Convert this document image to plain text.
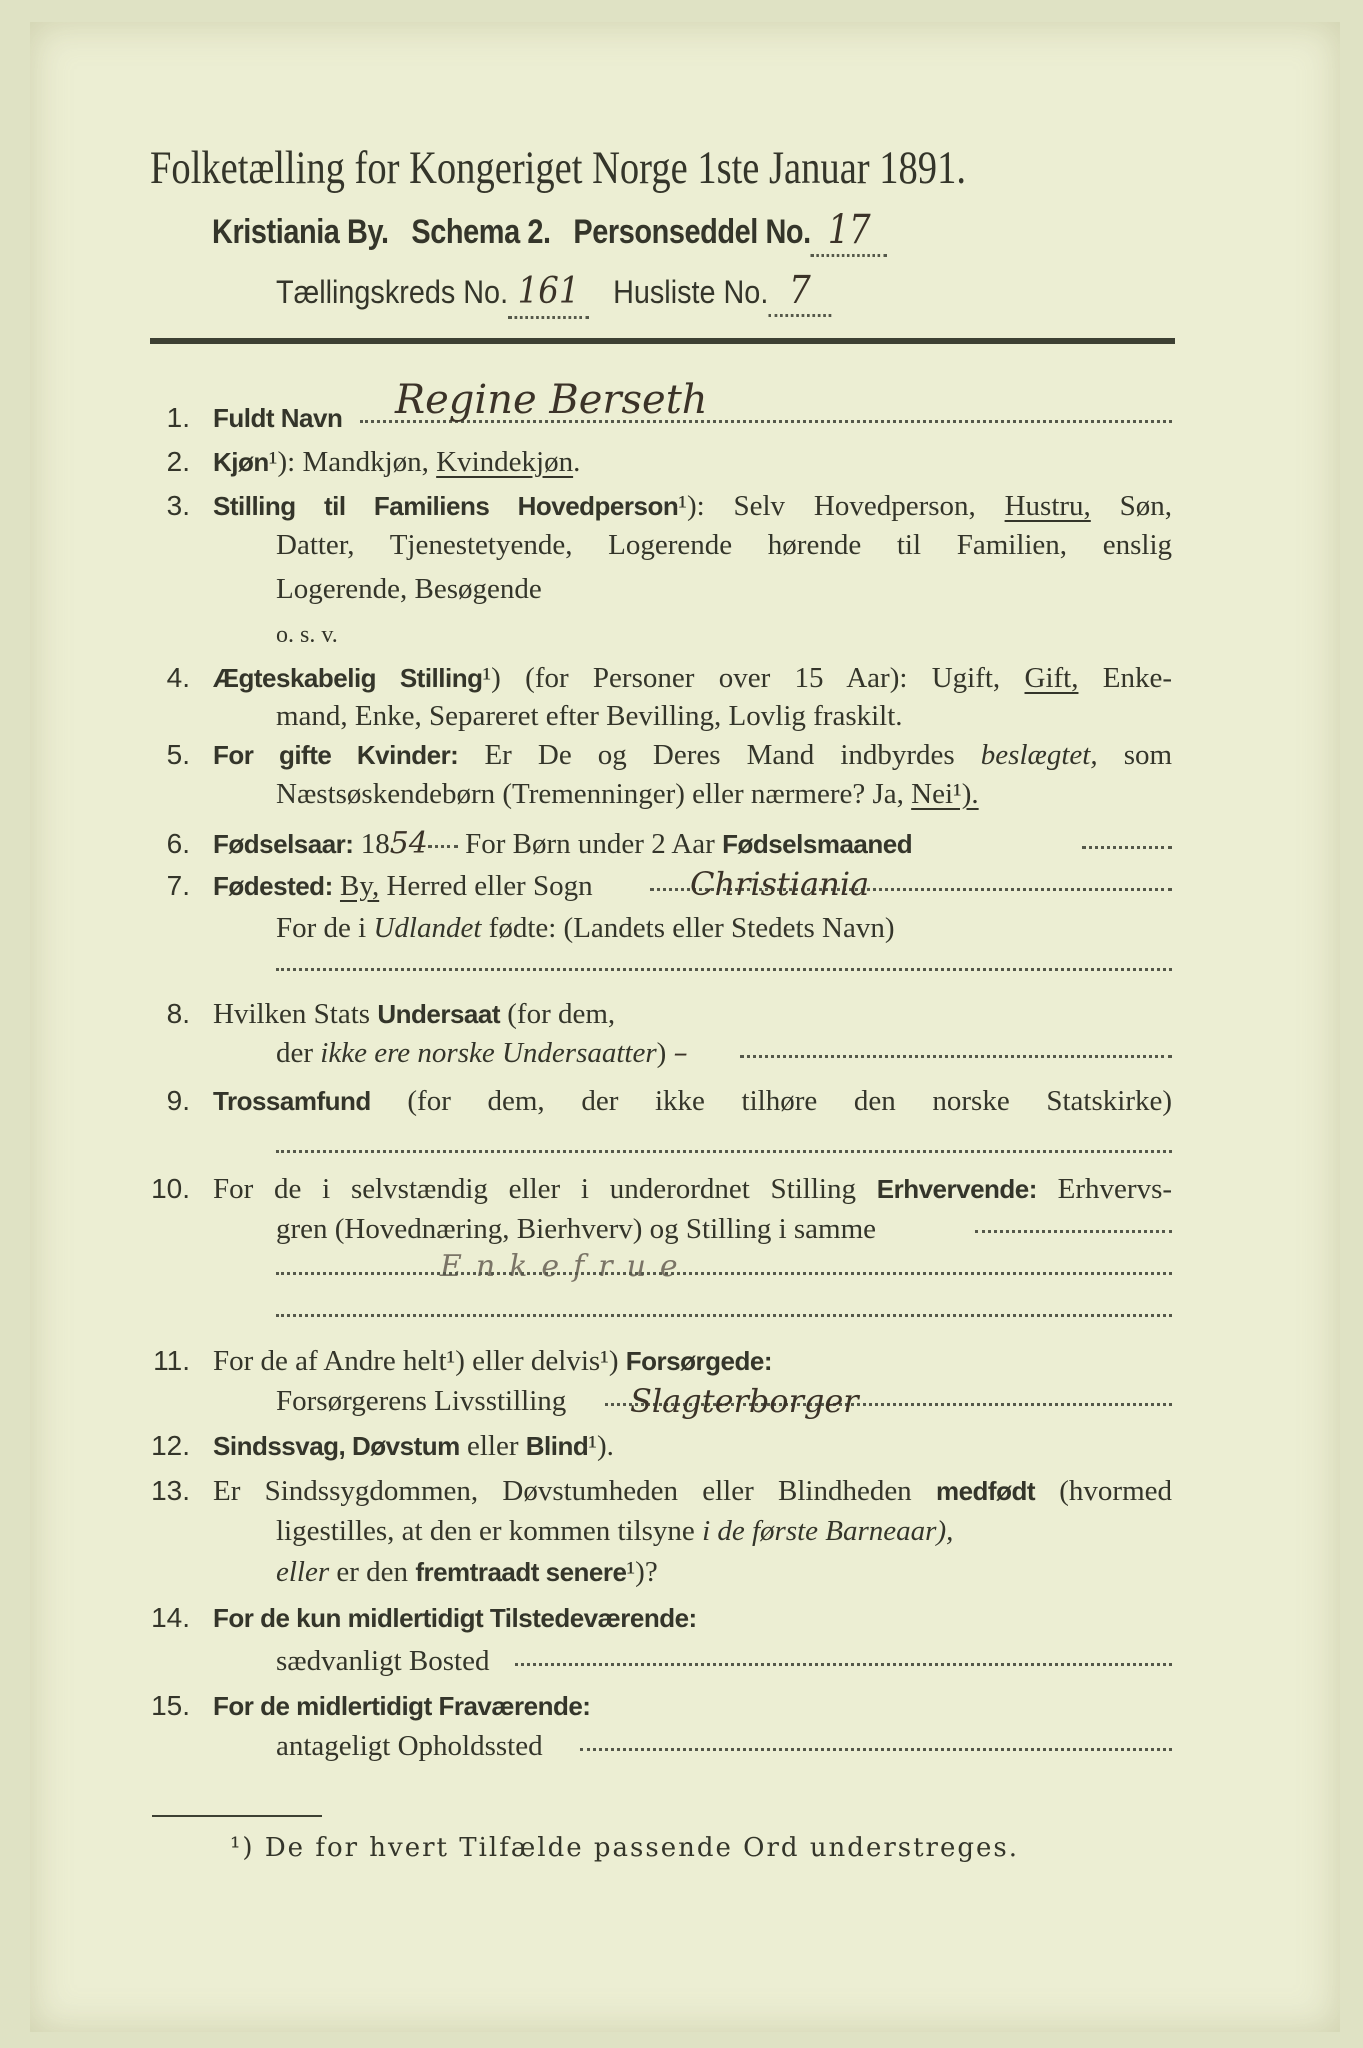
Folketælling for Kongeriget Norge 1ste Januar 1891.
Kristiania By. Schema 2. Personseddel No. 17
Tællingskreds No. 161 Husliste No. 7
1. Fuldt Navn Regine Berseth
2. Kjøn¹): Mandkjøn, Kvindekjøn.
3. Stilling til Familiens Hovedperson¹): Selv Hovedperson, Hustru, Søn,
Datter, Tjenestetyende, Logerende hørende til Familien, enslig
Logerende, Besøgende
o. s. v.
4. Ægteskabelig Stilling¹) (for Personer over 15 Aar): Ugift, Gift, Enke-
mand, Enke, Separeret efter Bevilling, Lovlig fraskilt.
5. For gifte Kvinder: Er De og Deres Mand indbyrdes beslægtet, som
Næstsøskendebørn (Tremenninger) eller nærmere? Ja, Nei¹).
6. Fødselsaar: 1854 For Børn under 2 Aar Fødselsmaaned
7. Fødested: By, Herred eller Sogn	Christiania
For de i Udlandet fødte: (Landets eller Stedets Navn)
8. Hvilken Stats Undersaat (for dem,
der ikke ere norske Undersaatter) –
9. Trossamfund (for dem, der ikke tilhøre den norske Statskirke)
10. For de i selvstændig eller i underordnet Stilling Erhvervende: Erhvervs-
gren (Hovednæring, Bierhverv) og Stilling i samme
Enkefrue
11. For de af Andre helt¹) eller delvis¹) Forsørgede:
Forsørgerens Livsstilling Slagterborger
12. Sindssvag, Døvstum eller Blind¹).
13. Er Sindssygdommen, Døvstumheden eller Blindheden medfødt (hvormed
ligestilles, at den er kommen tilsyne i de første Barneaar),
eller er den fremtraadt senere¹)?
14. For de kun midlertidigt Tilstedeværende:
sædvanligt Bosted
15. For de midlertidigt Fraværende:
antageligt Opholdssted
¹) De for hvert Tilfælde passende Ord understreges.
